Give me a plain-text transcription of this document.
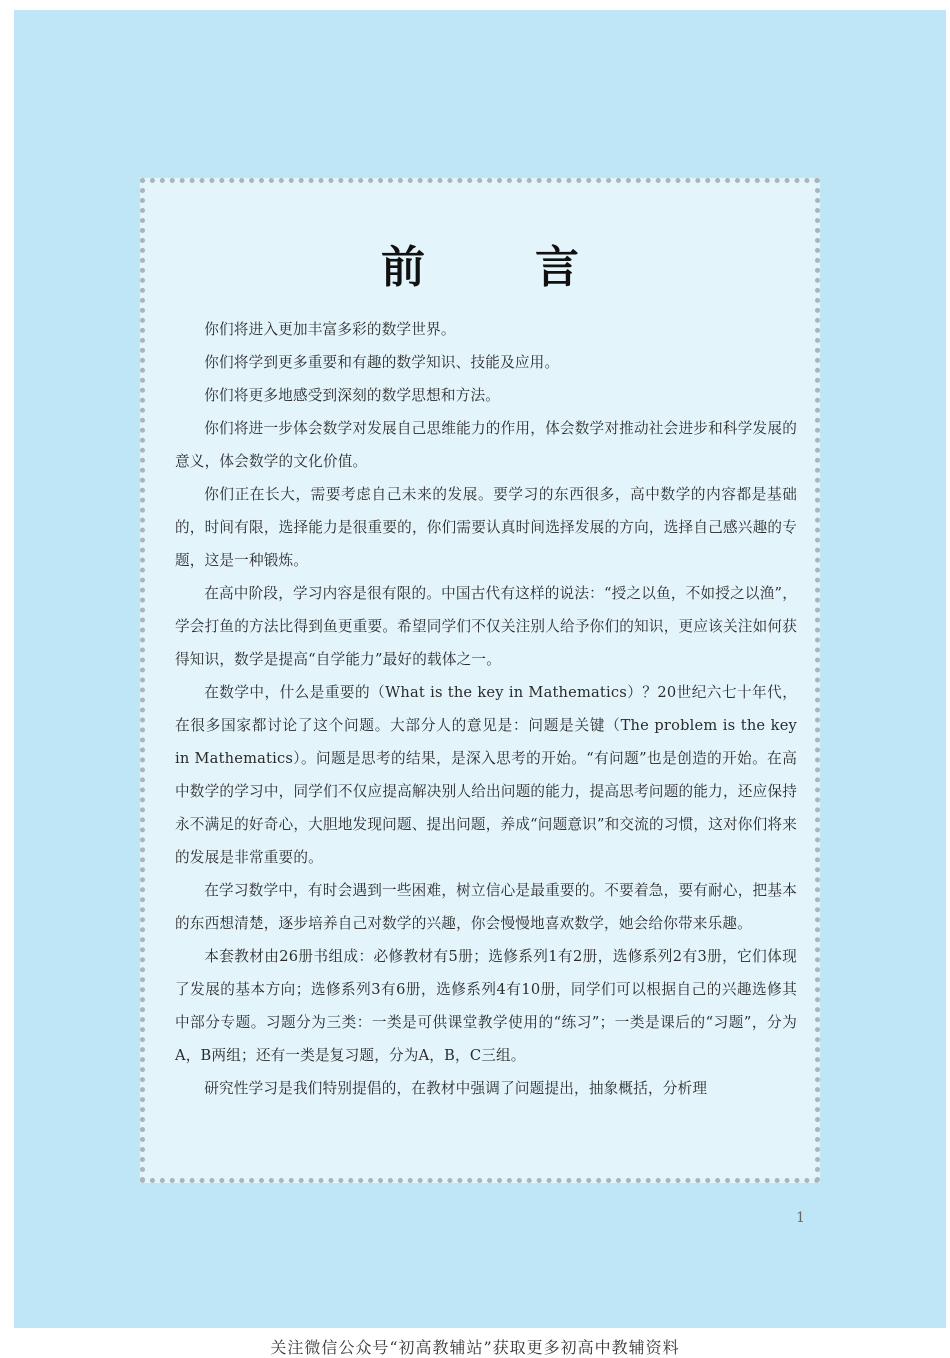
前	言

你们将进入更加丰富多彩的数学世界。

你们将学到更多重要和有趣的数学知识、技能及应用。

你们将更多地感受到深刻的数学思想和方法。

你们将进一步体会数学对发展自己思维能力的作用，体会数学对推动社会进步和科学发展的意义，体会数学的文化价值。

你们正在长大，需要考虑自己未来的发展。要学习的东西很多，高中数学的内容都是基础的，时间有限，选择能力是很重要的，你们需要认真时间选择发展的方向，选择自己感兴趣的专题，这是一种锻炼。

在高中阶段，学习内容是很有限的。中国古代有这样的说法：“授之以鱼，不如授之以渔”，学会打鱼的方法比得到鱼更重要。希望同学们不仅关注别人给予你们的知识，更应该关注如何获得知识，数学是提高“自学能力”最好的载体之一。

在数学中，什么是重要的（What is the key in Mathematics）？20世纪六七十年代，在很多国家都讨论了这个问题。大部分人的意见是：问题是关键（The problem is the key in Mathematics）。问题是思考的结果，是深入思考的开始。“有问题”也是创造的开始。在高中数学的学习中，同学们不仅应提高解决别人给出问题的能力，提高思考问题的能力，还应保持永不满足的好奇心，大胆地发现问题、提出问题，养成“问题意识”和交流的习惯，这对你们将来的发展是非常重要的。

在学习数学中，有时会遇到一些困难，树立信心是最重要的。不要着急，要有耐心，把基本的东西想清楚，逐步培养自己对数学的兴趣，你会慢慢地喜欢数学，她会给你带来乐趣。

本套教材由26册书组成：必修教材有5册；选修系列1有2册，选修系列2有3册，它们体现了发展的基本方向；选修系列3有6册，选修系列4有10册，同学们可以根据自己的兴趣选修其中部分专题。习题分为三类：一类是可供课堂教学使用的“练习”；一类是课后的“习题”，分为A，B两组；还有一类是复习题，分为A，B，C三组。

研究性学习是我们特别提倡的，在教材中强调了问题提出，抽象概括，分析理

1
关注微信公众号“初高教辅站”获取更多初高中教辅资料
